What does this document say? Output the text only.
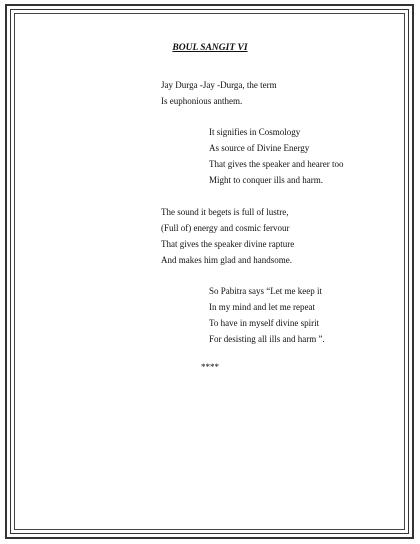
BOUL SANGIT VI
Jay Durga -Jay -Durga, the term
Is euphonious anthem.
It signifies in Cosmology
As source of Divine Energy
That gives the speaker and hearer too
Might to conquer ills and harm.
The sound it begets is full of lustre,
(Full of) energy and cosmic fervour
That gives the speaker divine rapture
And makes him glad and handsome.
So Pabitra says “Let me keep it
In my mind and let me repeat
To have in myself divine spirit
For desisting all ills and harm ”.
****
